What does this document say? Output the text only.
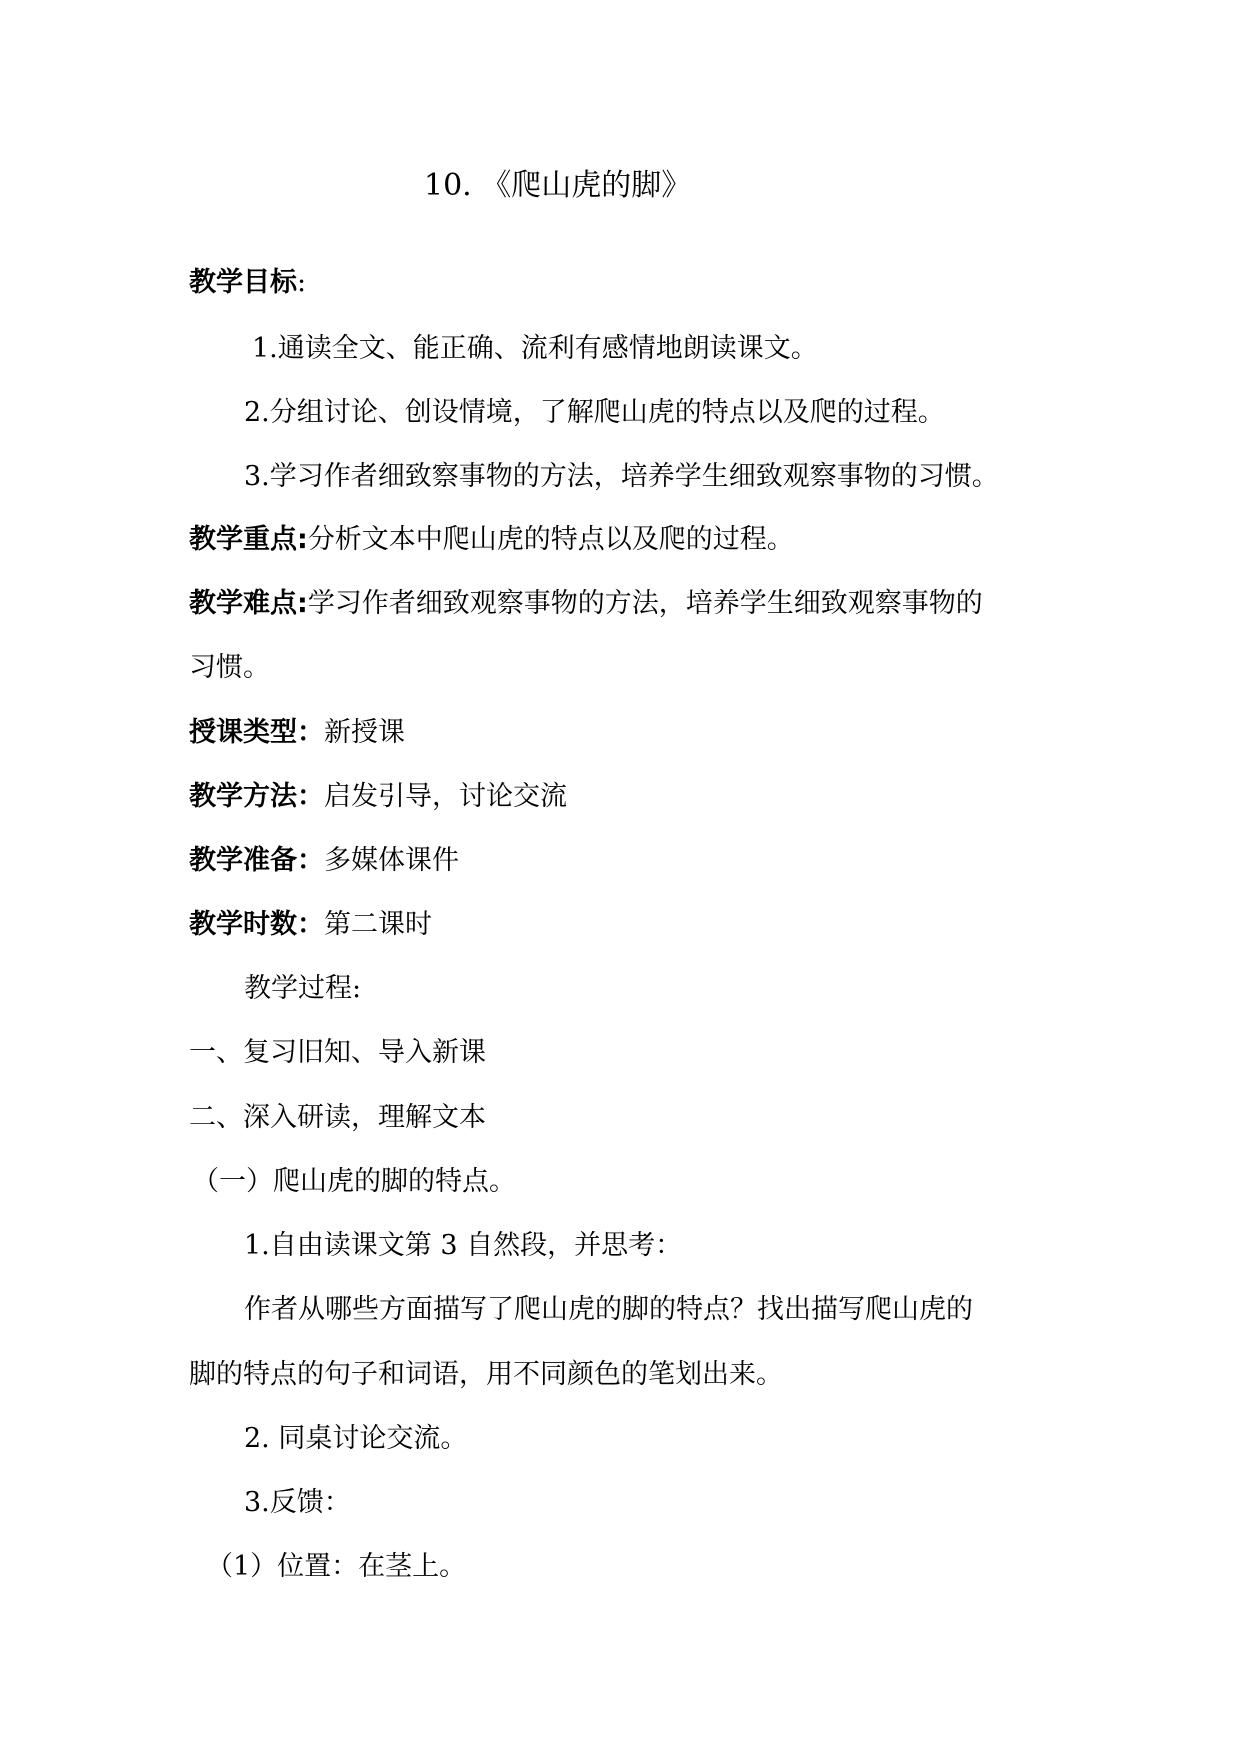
10. 《爬山虎的脚》
教学目标:
1.通读全文、能正确、流利有感情地朗读课文。
2.分组讨论、创设情境，了解爬山虎的特点以及爬的过程。
3.学习作者细致察事物的方法，培养学生细致观察事物的习惯。
教学重点:分析文本中爬山虎的特点以及爬的过程。
教学难点:学习作者细致观察事物的方法，培养学生细致观察事物的
习惯。
授课类型：新授课
教学方法：启发引导，讨论交流
教学准备：多媒体课件
教学时数：第二课时
教学过程:
一、复习旧知、导入新课
二、深入研读，理解文本
（一）爬山虎的脚的特点。
1.自由读课文第 3 自然段，并思考：
作者从哪些方面描写了爬山虎的脚的特点？找出描写爬山虎的
脚的特点的句子和词语，用不同颜色的笔划出来。
2. 同桌讨论交流。
3.反馈：
（1）位置：在茎上。
